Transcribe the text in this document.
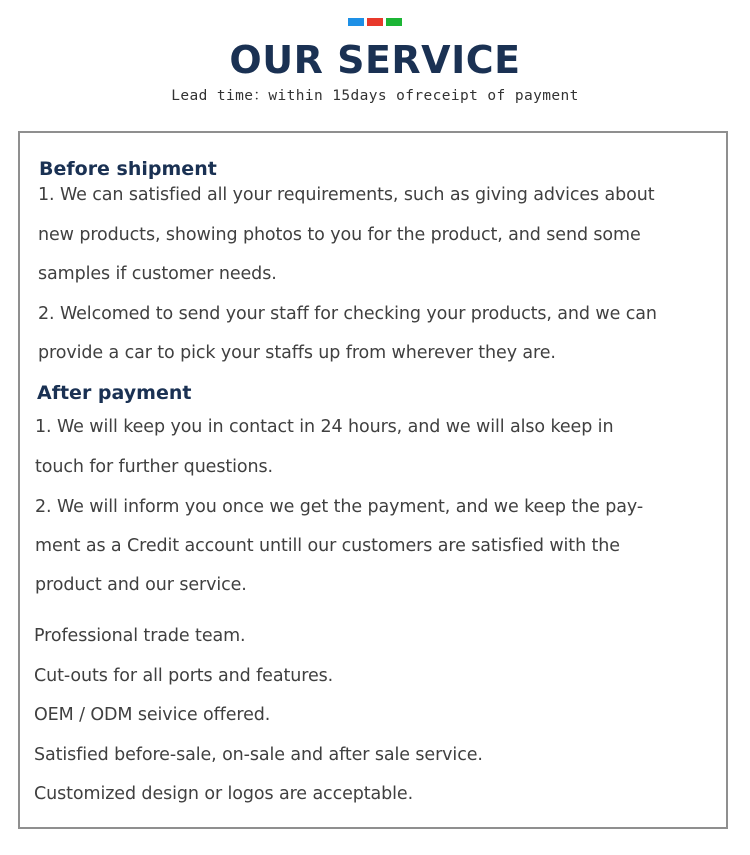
OUR SERVICE

Lead time：within 15days ofreceipt of payment

Before shipment

1. We can satisfied all your requirements, such as giving advices about

new products, showing photos to you for the product, and send some

samples if customer needs.

2. Welcomed to send your staff for checking your products, and we can

provide a car to pick your staffs up from wherever they are.

After payment

1. We will keep you in contact in 24 hours, and we will also keep in

touch for further questions.

2. We will inform you once we get the payment, and we keep the pay-

ment as a Credit account untill our customers are satisfied with the

product and our service.

Professional trade team.

Cut-outs for all ports and features.

OEM / ODM seivice offered.

Satisfied before-sale, on-sale and after sale service.

Customized design or logos are acceptable.
